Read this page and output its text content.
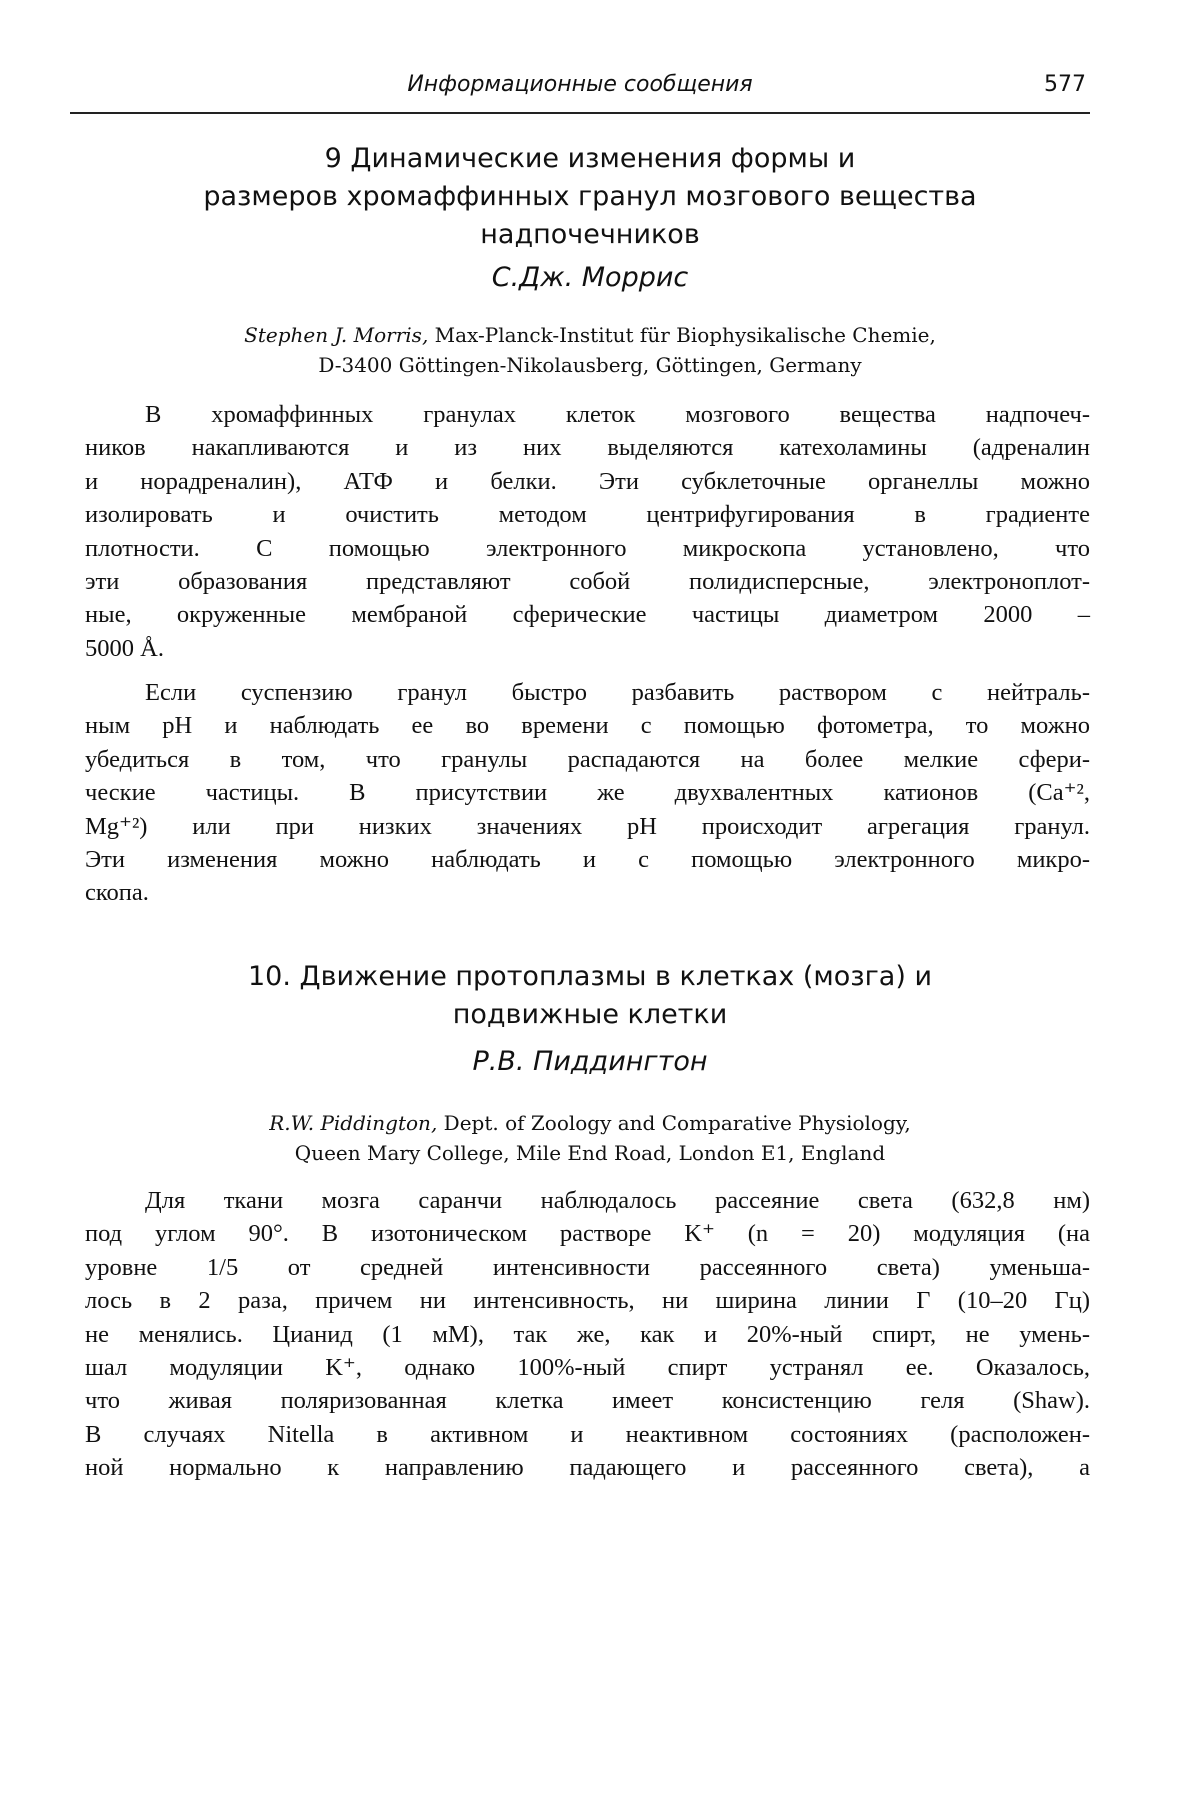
Информационные сообщения	577
9 Динамические изменения формы и
размеров хромаффинных гранул мозгового вещества
надпочечников
С.Дж. Моррис
Stephen J. Morris, Max-Planck-Institut für Biophysikalische Chemie,
D-3400 Göttingen-Nikolausberg, Göttingen, Germany
В хромаффинных гранулах клеток мозгового вещества надпочеч-
ников накапливаются и из них выделяются катехоламины (адреналин
и норадреналин), АТФ и белки. Эти субклеточные органеллы можно
изолировать и очистить методом центрифугирования в градиенте
плотности. С помощью электронного микроскопа установлено, что
эти образования представляют собой полидисперсные, электроноплот-
ные, окруженные мембраной сферические частицы диаметром 2000 –
5000 Å.
Если суспензию гранул быстро разбавить раствором с нейтраль-
ным pH и наблюдать ее во времени с помощью фотометра, то можно
убедиться в том, что гранулы распадаются на более мелкие сфери-
ческие частицы. В присутствии же двухвалентных катионов (Ca⁺²,
Mg⁺²) или при низких значениях pH происходит агрегация гранул.
Эти изменения можно наблюдать и с помощью электронного микро-
скопа.
10. Движение протоплазмы в клетках (мозга) и
подвижные клетки
Р.В. Пиддингтон
R.W. Piddington, Dept. of Zoology and Comparative Physiology,
Queen Mary College, Mile End Road, London E1, England
Для ткани мозга саранчи наблюдалось рассеяние света (632,8 нм)
под углом 90°. В изотоническом растворе K⁺ (n = 20) модуляция (на
уровне 1/5 от средней интенсивности рассеянного света) уменьша-
лось в 2 раза, причем ни интенсивность, ни ширина линии Г (10–20 Гц)
не менялись. Цианид (1 мМ), так же, как и 20%-ный спирт, не умень-
шал модуляции K⁺, однако 100%-ный спирт устранял ее. Оказалось,
что живая поляризованная клетка имеет консистенцию геля (Shaw).
В случаях Nitella в активном и неактивном состояниях (расположен-
ной нормально к направлению падающего и рассеянного света), а
